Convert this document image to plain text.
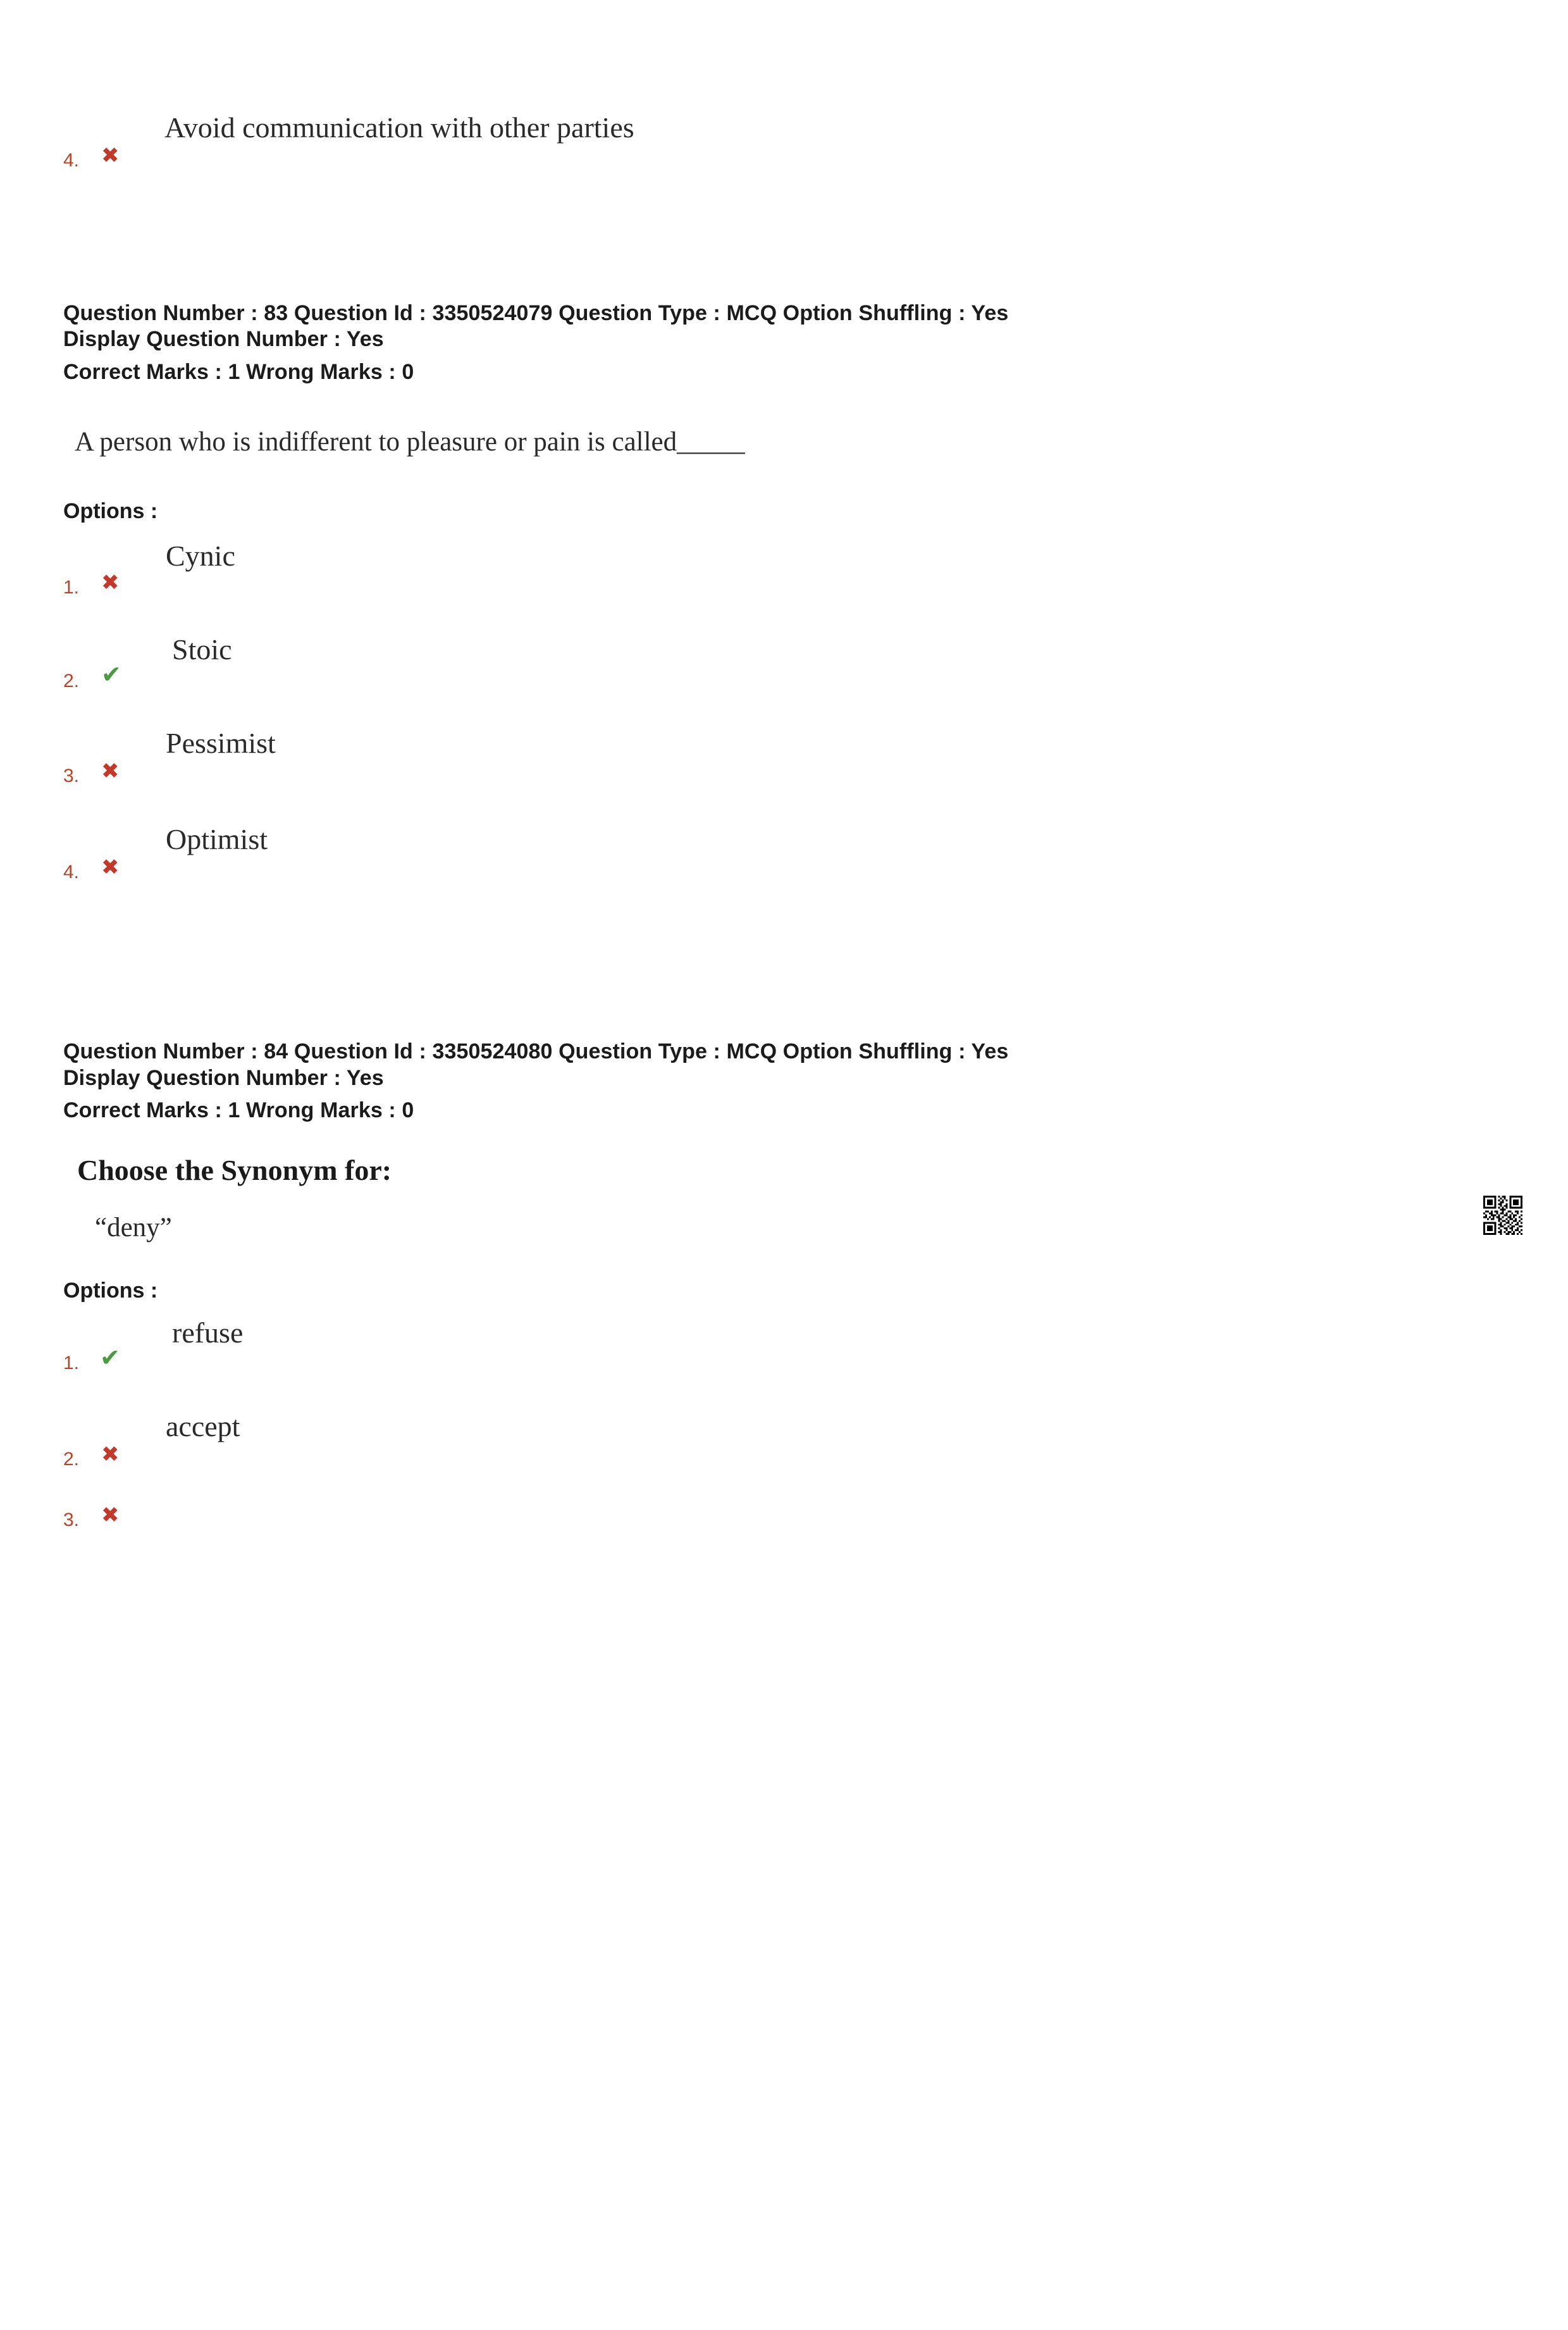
4. ✖
Avoid communication with other parties
Question Number : 83 Question Id : 3350524079 Question Type : MCQ Option Shuffling : Yes
Display Question Number : Yes
Correct Marks : 1 Wrong Marks : 0
A person who is indifferent to pleasure or pain is called_____
Options :
1. ✖
Cynic
2. ✔
Stoic
3. ✖
Pessimist
4. ✖
Optimist
Question Number : 84 Question Id : 3350524080 Question Type : MCQ Option Shuffling : Yes
Display Question Number : Yes
Correct Marks : 1 Wrong Marks : 0
Choose the Synonym for:
“deny”
Options :
1. ✔
refuse
2. ✖
accept
3. ✖
